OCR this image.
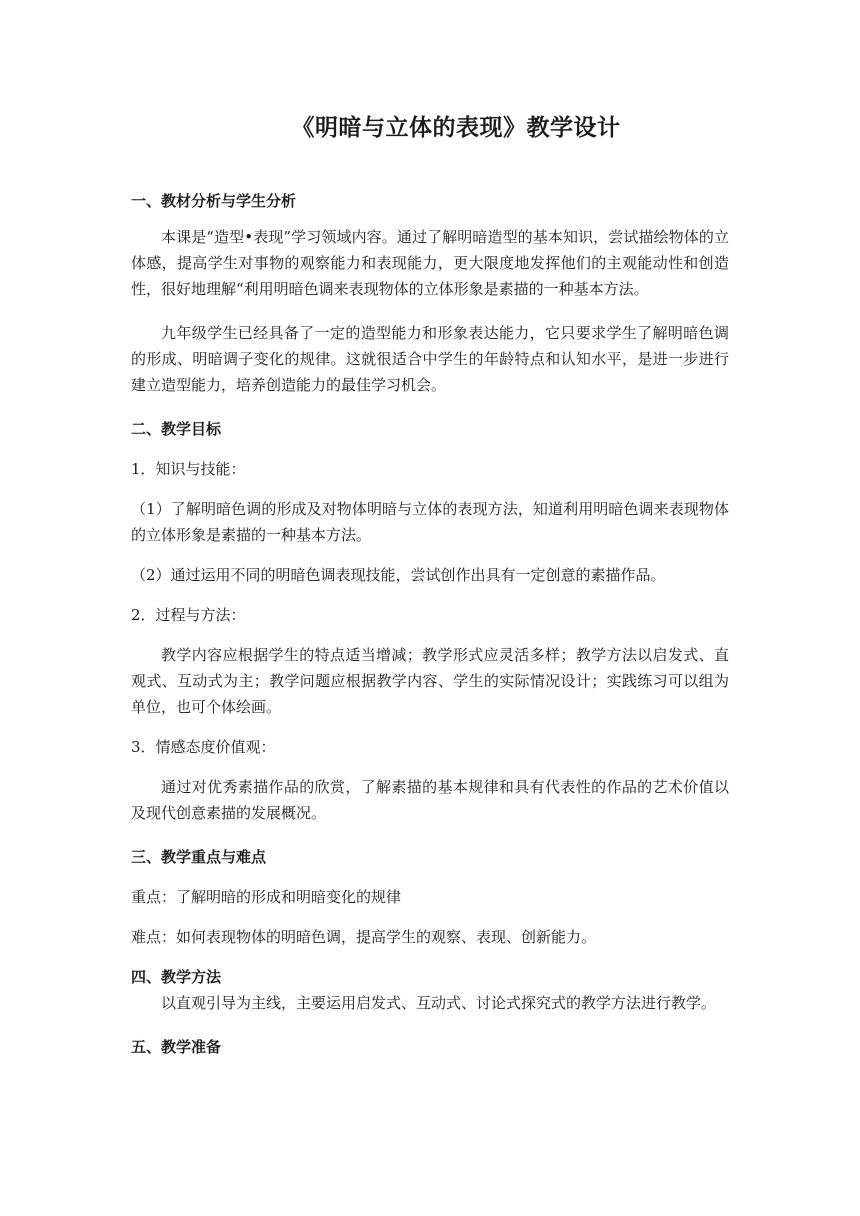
《明暗与立体的表现》教学设计
一、教材分析与学生分析

本课是“造型•表现”学习领域内容。通过了解明暗造型的基本知识，尝试描绘物体的立体感，提高学生对事物的观察能力和表现能力，更大限度地发挥他们的主观能动性和创造性，很好地理解“利用明暗色调来表现物体的立体形象是素描的一种基本方法。

九年级学生已经具备了一定的造型能力和形象表达能力，它只要求学生了解明暗色调的形成、明暗调子变化的规律。这就很适合中学生的年龄特点和认知水平，是进一步进行建立造型能力，培养创造能力的最佳学习机会。

二、教学目标

1．知识与技能：

（1）了解明暗色调的形成及对物体明暗与立体的表现方法，知道利用明暗色调来表现物体的立体形象是素描的一种基本方法。

（2）通过运用不同的明暗色调表现技能，尝试创作出具有一定创意的素描作品。

2．过程与方法：

教学内容应根据学生的特点适当增减；教学形式应灵活多样；教学方法以启发式、直观式、互动式为主；教学问题应根据教学内容、学生的实际情况设计；实践练习可以组为单位，也可个体绘画。

3．情感态度价值观：

通过对优秀素描作品的欣赏，了解素描的基本规律和具有代表性的作品的艺术价值以及现代创意素描的发展概况。

三、教学重点与难点

重点：了解明暗的形成和明暗变化的规律

难点：如何表现物体的明暗色调，提高学生的观察、表现、创新能力。

四、教学方法

以直观引导为主线，主要运用启发式、互动式、讨论式探究式的教学方法进行教学。

五、教学准备
